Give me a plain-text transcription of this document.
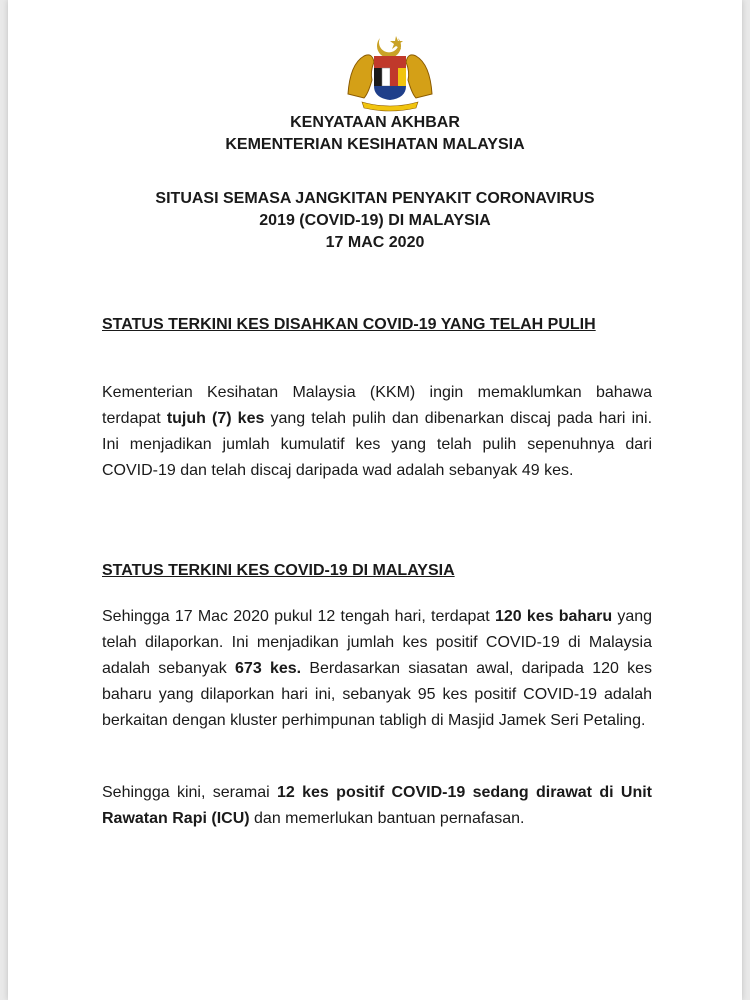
KENYATAAN AKHBAR
KEMENTERIAN KESIHATAN MALAYSIA
SITUASI SEMASA JANGKITAN PENYAKIT CORONAVIRUS
2019 (COVID-19) DI MALAYSIA
17 MAC 2020
STATUS TERKINI KES DISAHKAN COVID-19 YANG TELAH PULIH
Kementerian Kesihatan Malaysia (KKM) ingin memaklumkan bahawa terdapat tujuh (7) kes yang telah pulih dan dibenarkan discaj pada hari ini. Ini menjadikan jumlah kumulatif kes yang telah pulih sepenuhnya dari COVID-19 dan telah discaj daripada wad adalah sebanyak 49 kes.
STATUS TERKINI KES COVID-19 DI MALAYSIA
Sehingga 17 Mac 2020 pukul 12 tengah hari, terdapat 120 kes baharu yang telah dilaporkan. Ini menjadikan jumlah kes positif COVID-19 di Malaysia adalah sebanyak 673 kes. Berdasarkan siasatan awal, daripada 120 kes baharu yang dilaporkan hari ini, sebanyak 95 kes positif COVID-19 adalah berkaitan dengan kluster perhimpunan tabligh di Masjid Jamek Seri Petaling.
Sehingga kini, seramai 12 kes positif COVID-19 sedang dirawat di Unit Rawatan Rapi (ICU) dan memerlukan bantuan pernafasan.
